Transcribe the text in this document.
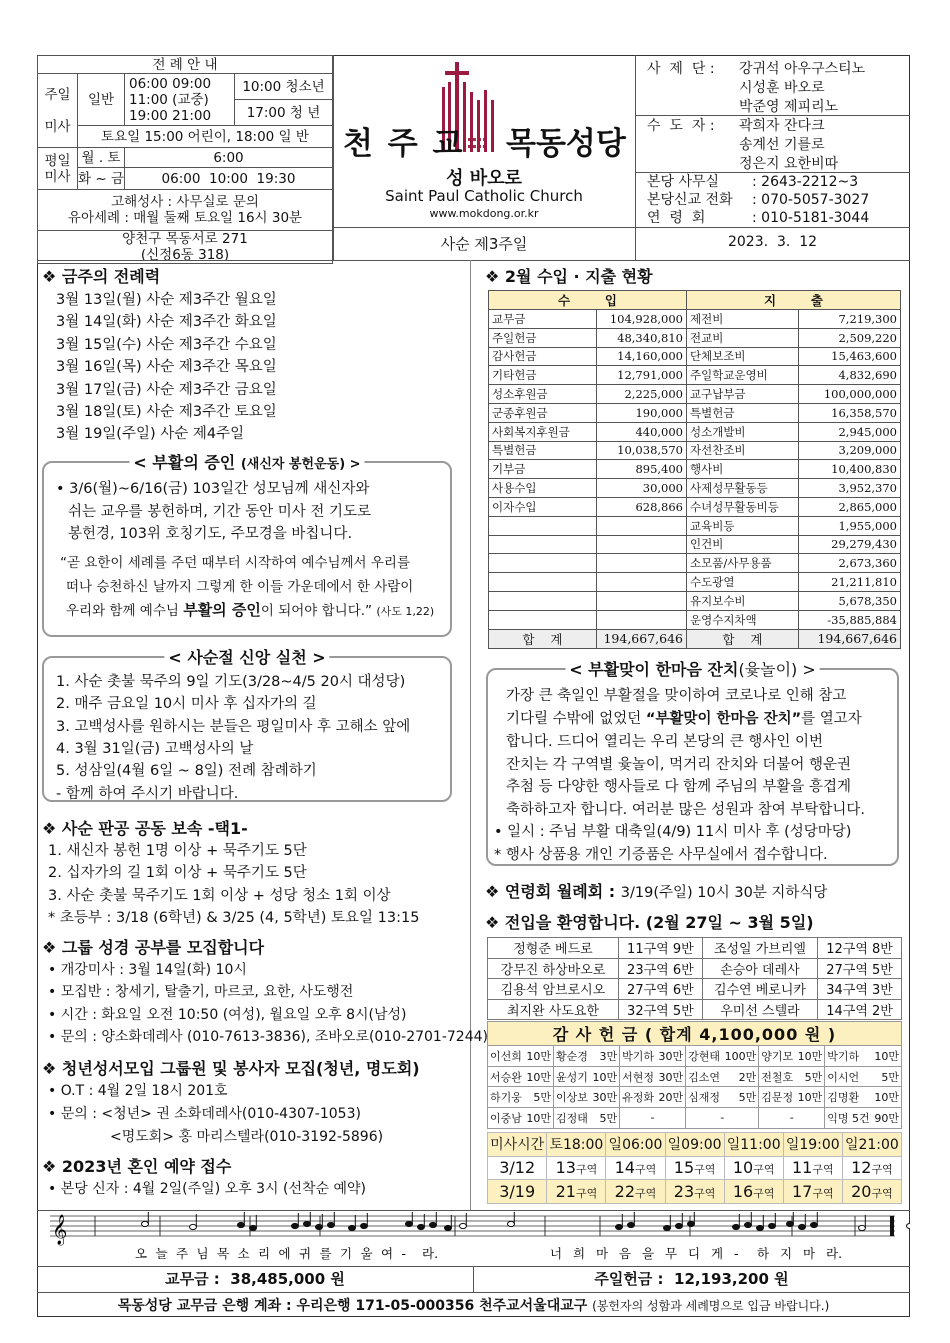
전 례 안 내			
주일

미사	일반	06:00 09:00
11:00 (교중)
19:00 21:00	10:00 청소년
			17:00 청 년
	토요일 15:00 어린이, 18:00 일 반		
평일
미사	월 . 토	6:00	
	화 ~ 금	06:00  10:00  19:30	

고해성사 : 사무실로 문의
유아세례 : 매월 둘째 토요일 16시 30분			

양천구 목동서로 271
(신정6동 318)			
천 주 교 목동성당
성 바오로
Saint Paul Catholic Church
www.mokdong.or.kr
사순 제3주일
사  제  단 :	강귀석 아우구스티노
시성훈 바오로
박준영 제피리노
수  도  자 :	곽희자 잔다크
송계선 기를로
정은지 요한비따
본당 사무실	: 2643-2212~3
본당신교 전화	: 070-5057-3027
연  령  회	: 010-5181-3044
2023.  3.  12
❖ 금주의 전례력
3월 13일(월) 사순 제3주간 월요일
3월 14일(화) 사순 제3주간 화요일
3월 15일(수) 사순 제3주간 수요일
3월 16일(목) 사순 제3주간 목요일
3월 17일(금) 사순 제3주간 금요일
3월 18일(토) 사순 제3주간 토요일
3월 19일(주일) 사순 제4주일
< 부활의 증인 (새신자 봉헌운동) >
• 3/6(월)~6/16(금) 103일간 성모님께 새신자와
쉬는 교우를 봉헌하며, 기간 동안 미사 전 기도로
봉헌경, 103위 호칭기도, 주모경을 바칩니다.
“곧 요한이 세례를 주던 때부터 시작하여 예수님께서 우리를
떠나 승천하신 날까지 그렇게 한 이들 가운데에서 한 사람이
우리와 함께 예수님 부활의 증인이 되어야 합니다.” (사도 1,22)
< 사순절 신앙 실천 >
1. 사순 촛불 묵주의 9일 기도(3/28~4/5 20시 대성당)
2. 매주 금요일 10시 미사 후 십자가의 길
3. 고백성사를 원하시는 분들은 평일미사 후 고해소 앞에
4. 3월 31일(금) 고백성사의 날
5. 성삼일(4월 6일 ~ 8일) 전례 참례하기
- 함께 하여 주시기 바랍니다.
❖ 사순 판공 공동 보속 -택1-
1. 새신자 봉헌 1명 이상 + 묵주기도 5단
2. 십자가의 길 1회 이상 + 묵주기도 5단
3. 사순 촛불 묵주기도 1회 이상 + 성당 청소 1회 이상
* 초등부 : 3/18 (6학년) & 3/25 (4, 5학년) 토요일 13:15
❖ 그룹 성경 공부를 모집합니다
• 개강미사 : 3월 14일(화) 10시
• 모집반 : 창세기, 탈출기, 마르코, 요한, 사도행전
• 시간 : 화요일 오전 10:50 (여성), 월요일 오후 8시(남성)
• 문의 : 양소화데레사 (010-7613-3836), 조바오로(010-2701-7244)
❖ 청년성서모입 그룹원 및 봉사자 모집(청년, 명도회)
• O.T : 4월 2일 18시 201호
• 문의 : <청년> 권 소화데레사(010-4307-1053)
<명도회> 홍 마리스텔라(010-3192-5896)
❖ 2023년 혼인 예약 접수
• 본당 신자 : 4월 2일(주일) 오후 3시 (선착순 예약)
❖ 2월 수입 · 지출 현황
수        입		지        출	
교무금	104,928,000	제전비	7,219,300
주일헌금	48,340,810	전교비	2,509,220
감사헌금	14,160,000	단체보조비	15,463,600
기타헌금	12,791,000	주일학교운영비	4,832,690
성소후원금	2,225,000	교구납부금	100,000,000
군종후원금	190,000	특별헌금	16,358,570
사회복지후원금	440,000	성소개발비	2,945,000
특별헌금	10,038,570	자선찬조비	3,209,000
기부금	895,400	행사비	10,400,830
사용수입	30,000	사제성무활동등	3,952,370
이자수입	628,866	수녀성무활동비등	2,865,000
		교육비등	1,955,000
		인건비	29,279,430
		소모품/사무용품	2,673,360
		수도광열	21,211,810
		유지보수비	5,678,350
		운영수지차액	-35,885,884
합    계	194,667,646	합    계	194,667,646
< 부활맞이 한마음 잔치(윷놀이) >
가장 큰 축일인 부활절을 맞이하여 코로나로 인해 참고
기다릴 수밖에 없었던 “부활맞이 한마음 잔치”를 열고자
합니다. 드디어 열리는 우리 본당의 큰 행사인 이번
잔치는 각 구역별 윷놀이, 먹거리 잔치와 더불어 행운권
추첨 등 다양한 행사들로 다 함께 주님의 부활을 흥겹게
축하하고자 합니다. 여러분 많은 성원과 참여 부탁합니다.
• 일시 : 주님 부활 대축일(4/9) 11시 미사 후 (성당마당)
* 행사 상품용 개인 기증품은 사무실에서 접수합니다.
❖ 연령회 월례회 : 3/19(주일) 10시 30분 지하식당
❖ 전입을 환영합니다. (2월 27일 ~ 3월 5일)
정형준 베드로	11구역 9반	조성일 가브리엘	12구역 8반
강무진 하상바오로	23구역 6반	손승아 데레사	27구역 5반
김용석 암브로시오	27구역 6반	김수연 베로니카	34구역 3반
최지완 사도요한	32구역 5반	우미선 스텔라	14구역 2반
감 사 헌 금 ( 합계 4,100,000 원 )											
이선희	10만	황순경	3만	박기하	30만	강현태	100만	양기모	10만	박기하	10만
서승완	10만	윤성기	10만	서현정	30만	김소연	2만	전철호	5만	이시언	5만
하기웅	5만	이상보	30만	유정화	20만	심재정	5만	김문정	10만	김명환	10만
이중남	10만	김정태	5만	-		-		-		익명 5건	90만
미사시간	토18:00	일06:00	일09:00	일11:00	일19:00	일21:00
3/12	13구역	14구역	15구역	10구역	11구역	12구역
3/19	21구역	22구역	23구역	16구역	17구역	20구역
𝄞
오 늘 주 님 목 소 리 에 귀 를 기 울 여 - 라.	너 희 마 음 을 무 디 게 - 하 지 마 라.
교무금 : 38,485,000 원	주일헌금 : 12,193,200 원
목동성당 교무금 은행 계좌 : 우리은행 171-05-000356 천주교서울대교구 (봉헌자의 성함과 세례명으로 입금 바랍니다.)
